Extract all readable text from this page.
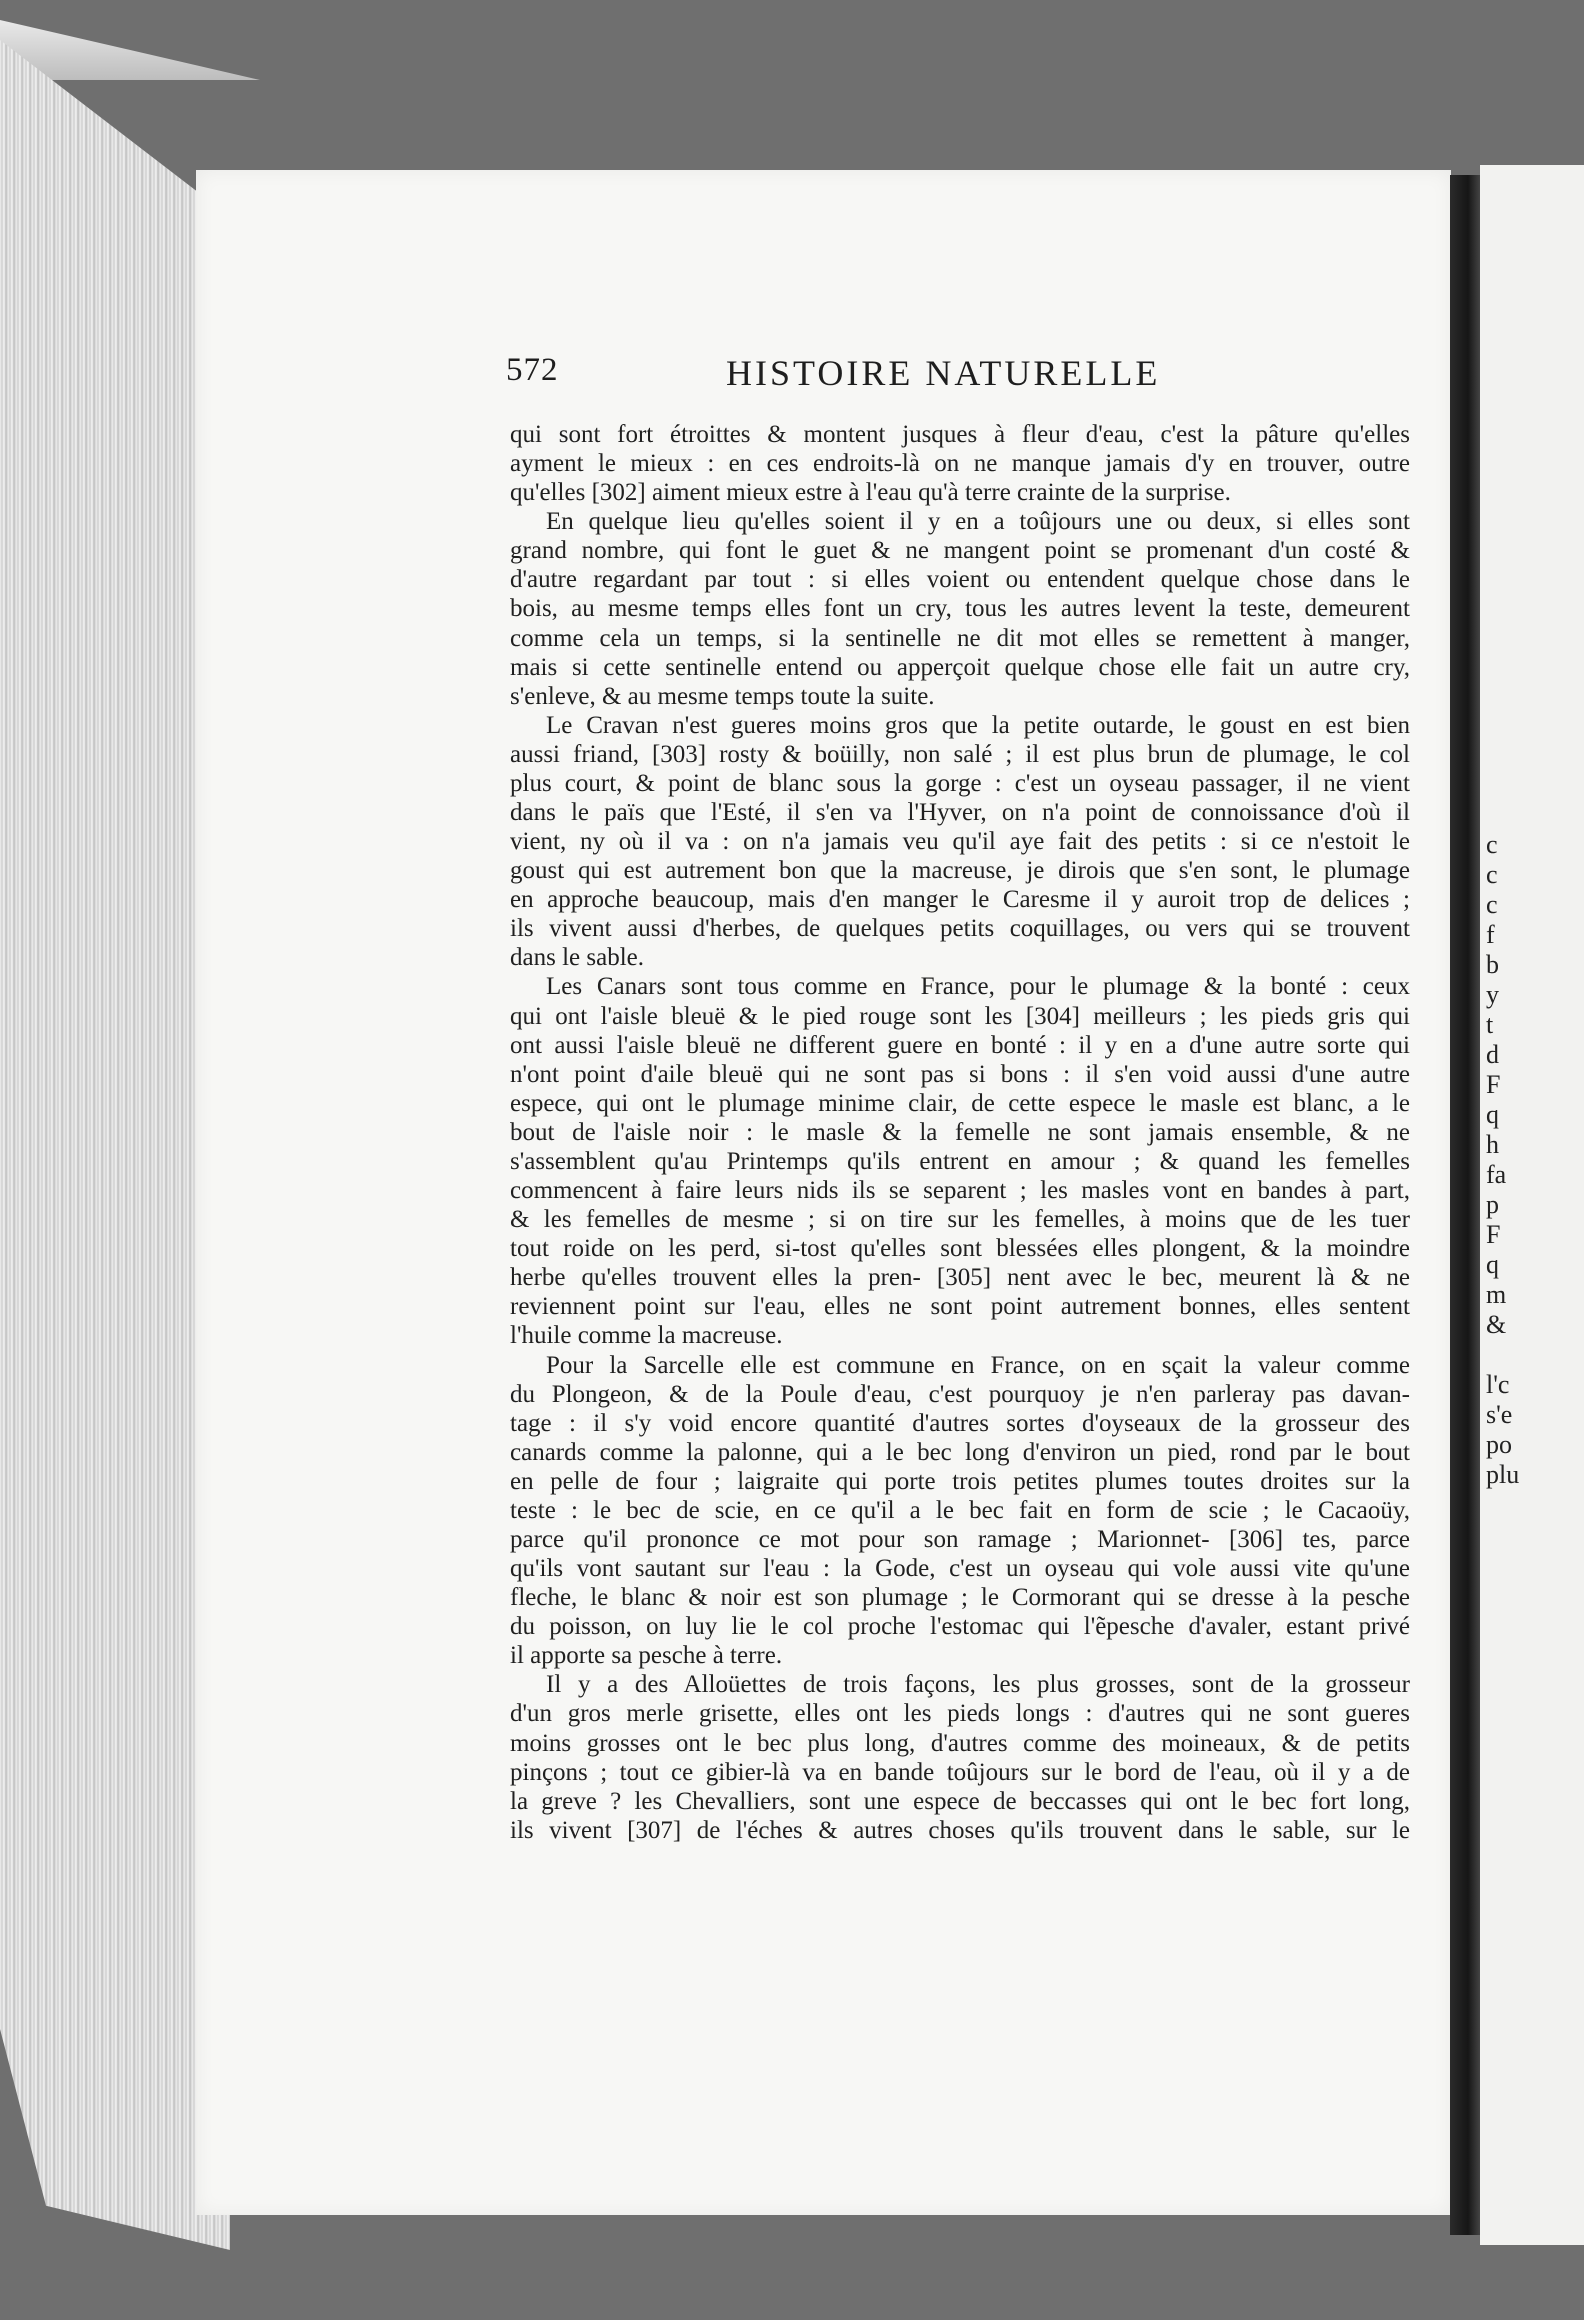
c
c
c
f
b
y
t
d
F
q
h
fa
p
F
q
m
&
l'c
s'e
po
plu
572	HISTOIRE NATURELLE
qui sont fort étroittes & montent jusques à fleur d'eau, c'est la pâture qu'elles
ayment le mieux : en ces endroits-là on ne manque jamais d'y en trouver, outre
qu'elles [302] aiment mieux estre à l'eau qu'à terre crainte de la surprise.
En quelque lieu qu'elles soient il y en a toûjours une ou deux, si elles sont
grand nombre, qui font le guet & ne mangent point se promenant d'un costé &
d'autre regardant par tout : si elles voient ou entendent quelque chose dans le
bois, au mesme temps elles font un cry, tous les autres levent la teste, demeurent
comme cela un temps, si la sentinelle ne dit mot elles se remettent à manger,
mais si cette sentinelle entend ou apperçoit quelque chose elle fait un autre cry,
s'enleve, & au mesme temps toute la suite.
Le Cravan n'est gueres moins gros que la petite outarde, le goust en est bien
aussi friand, [303] rosty & boüilly, non salé ; il est plus brun de plumage, le col
plus court, & point de blanc sous la gorge : c'est un oyseau passager, il ne vient
dans le païs que l'Esté, il s'en va l'Hyver, on n'a point de connoissance d'où il
vient, ny où il va : on n'a jamais veu qu'il aye fait des petits : si ce n'estoit le
goust qui est autrement bon que la macreuse, je dirois que s'en sont, le plumage
en approche beaucoup, mais d'en manger le Caresme il y auroit trop de delices ;
ils vivent aussi d'herbes, de quelques petits coquillages, ou vers qui se trouvent
dans le sable.
Les Canars sont tous comme en France, pour le plumage & la bonté : ceux
qui ont l'aisle bleuë & le pied rouge sont les [304] meilleurs ; les pieds gris qui
ont aussi l'aisle bleuë ne different guere en bonté : il y en a d'une autre sorte qui
n'ont point d'aile bleuë qui ne sont pas si bons : il s'en void aussi d'une autre
espece, qui ont le plumage minime clair, de cette espece le masle est blanc, a le
bout de l'aisle noir : le masle & la femelle ne sont jamais ensemble, & ne
s'assemblent qu'au Printemps qu'ils entrent en amour ; & quand les femelles
commencent à faire leurs nids ils se separent ; les masles vont en bandes à part,
& les femelles de mesme ; si on tire sur les femelles, à moins que de les tuer
tout roide on les perd, si-tost qu'elles sont blessées elles plongent, & la moindre
herbe qu'elles trouvent elles la pren- [305] nent avec le bec, meurent là & ne
reviennent point sur l'eau, elles ne sont point autrement bonnes, elles sentent
l'huile comme la macreuse.
Pour la Sarcelle elle est commune en France, on en sçait la valeur comme
du Plongeon, & de la Poule d'eau, c'est pourquoy je n'en parleray pas davan-
tage : il s'y void encore quantité d'autres sortes d'oyseaux de la grosseur des
canards comme la palonne, qui a le bec long d'environ un pied, rond par le bout
en pelle de four ; laigraite qui porte trois petites plumes toutes droites sur la
teste : le bec de scie, en ce qu'il a le bec fait en form de scie ; le Cacaoüy,
parce qu'il prononce ce mot pour son ramage ; Marionnet- [306] tes, parce
qu'ils vont sautant sur l'eau : la Gode, c'est un oyseau qui vole aussi vite qu'une
fleche, le blanc & noir est son plumage ; le Cormorant qui se dresse à la pesche
du poisson, on luy lie le col proche l'estomac qui l'ẽpesche d'avaler, estant privé
il apporte sa pesche à terre.
Il y a des Alloüettes de trois façons, les plus grosses, sont de la grosseur
d'un gros merle grisette, elles ont les pieds longs : d'autres qui ne sont gueres
moins grosses ont le bec plus long, d'autres comme des moineaux, & de petits
pinçons ; tout ce gibier-là va en bande toûjours sur le bord de l'eau, où il y a de
la greve ? les Chevalliers, sont une espece de beccasses qui ont le bec fort long,
ils vivent [307] de l'éches & autres choses qu'ils trouvent dans le sable, sur le
